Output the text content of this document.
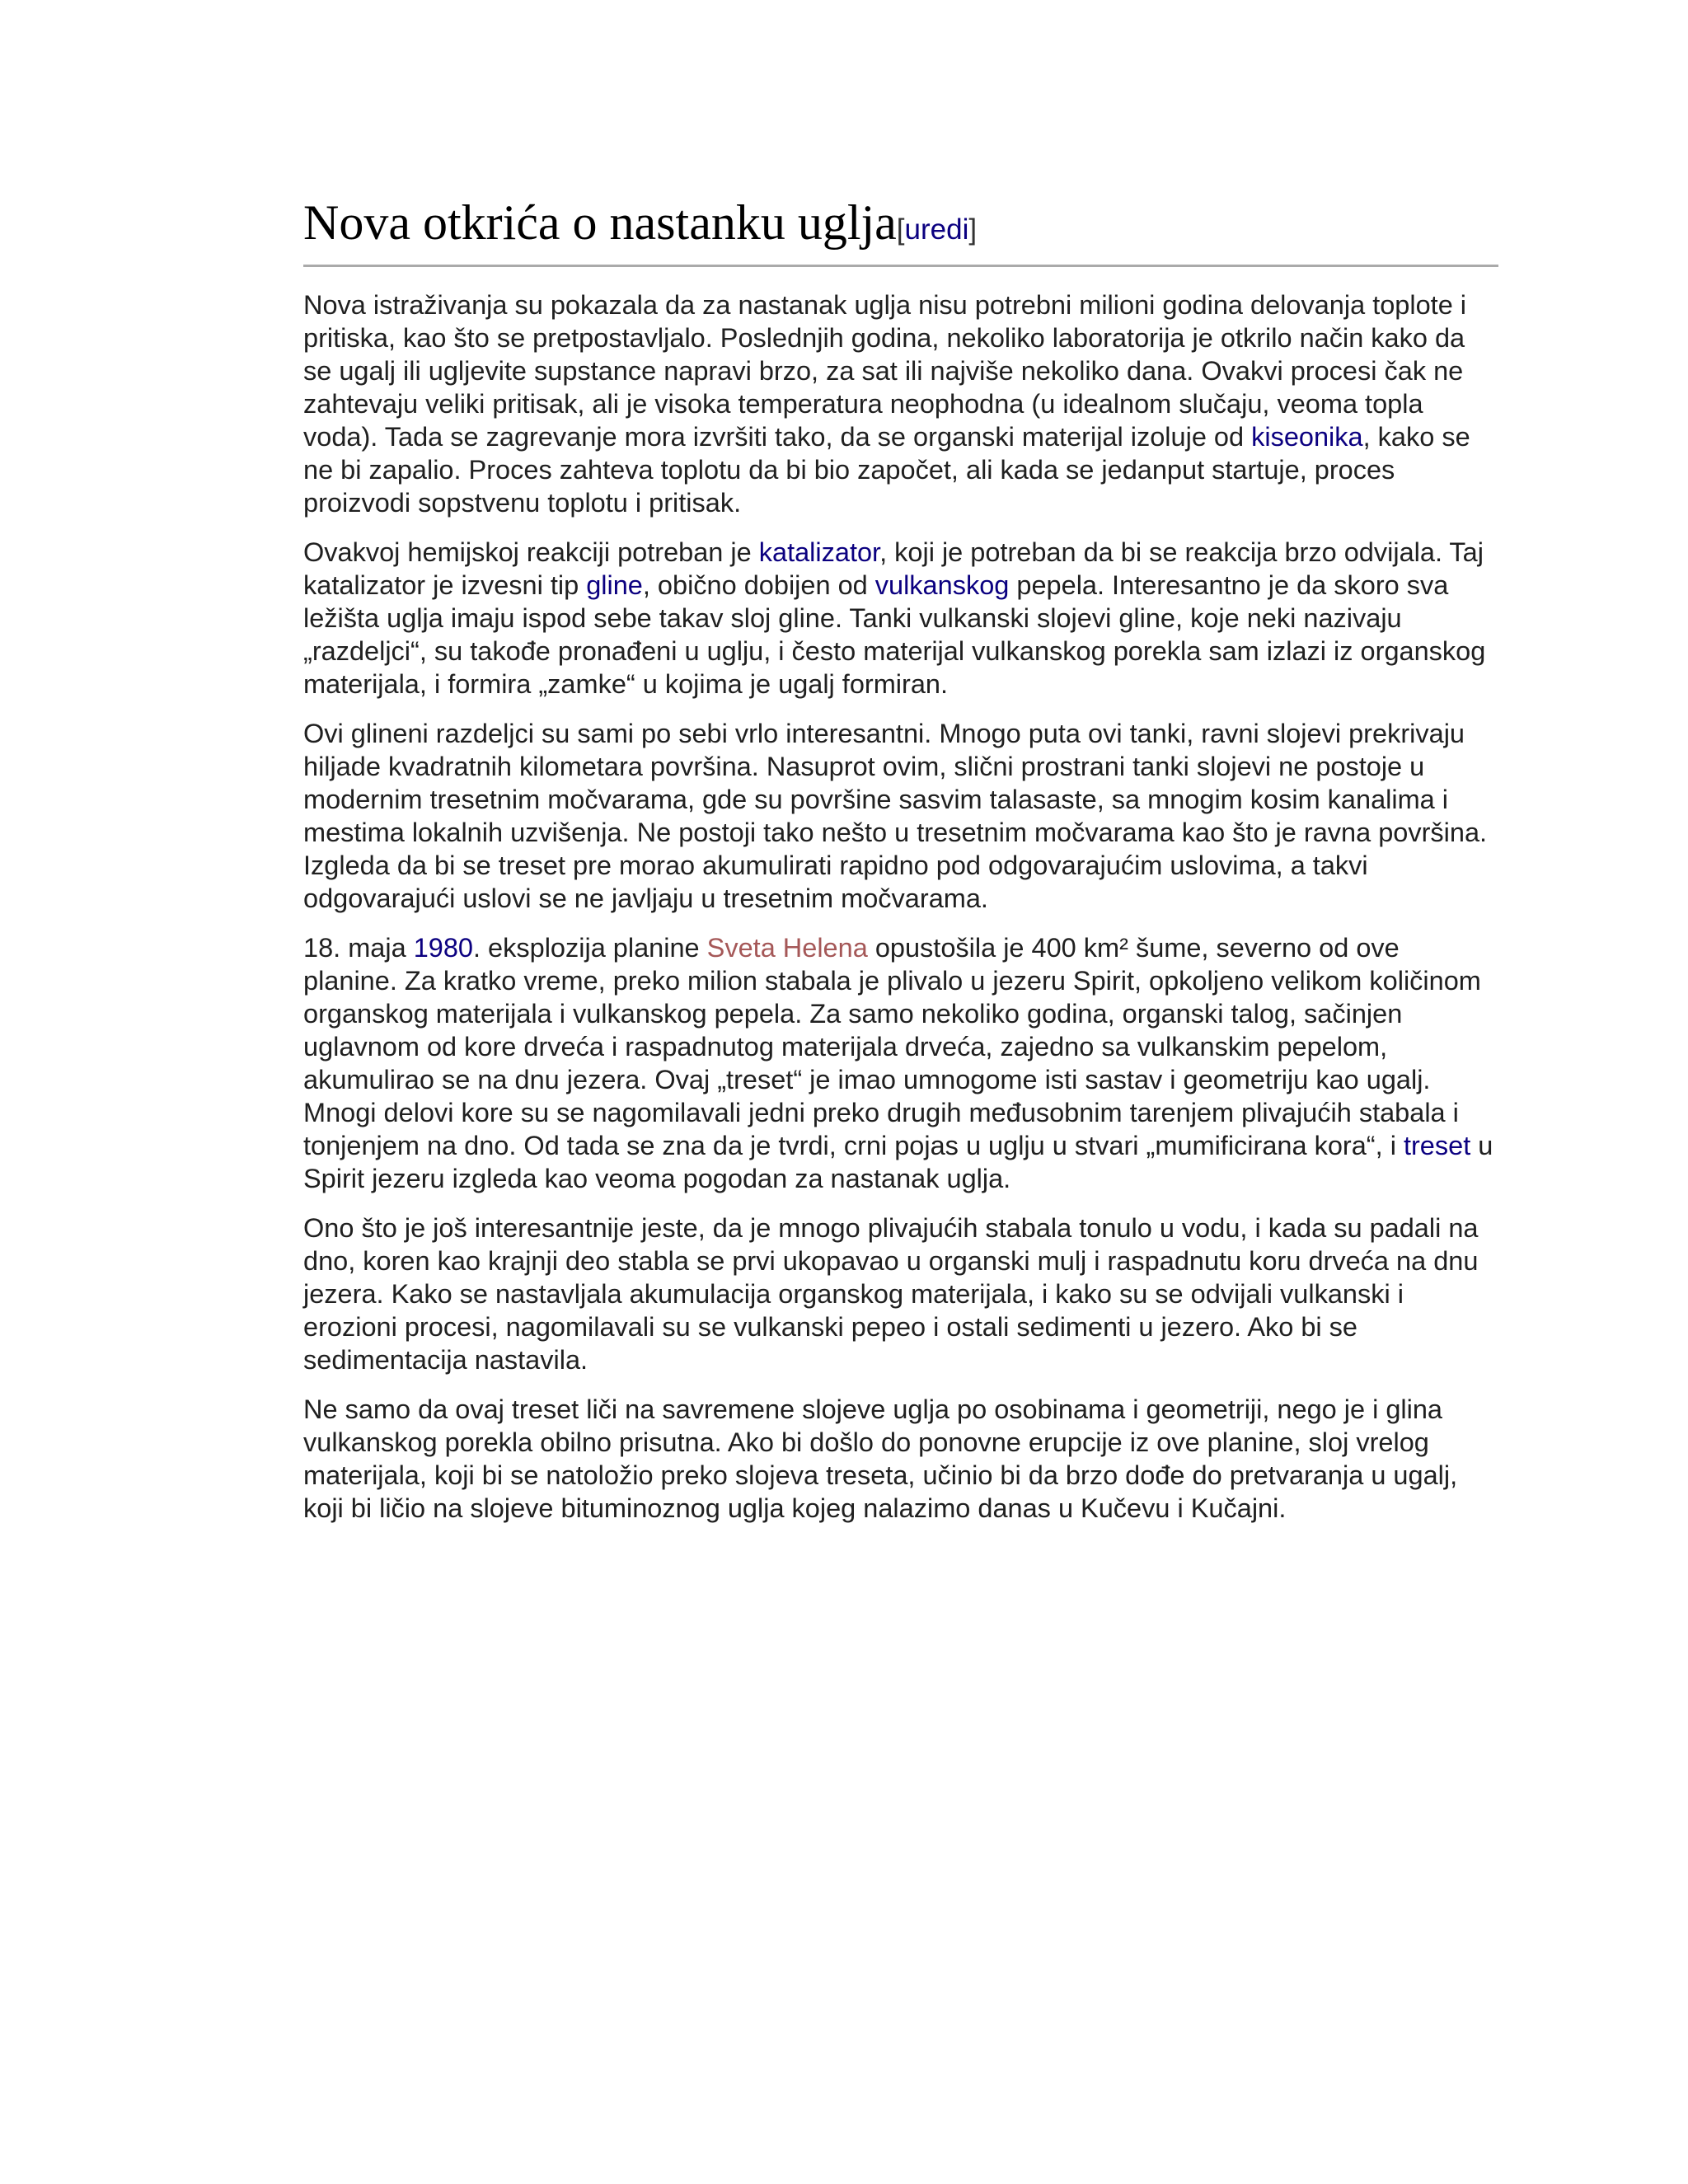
Nova otkrića o nastanku uglja[uredi]

Nova istraživanja su pokazala da za nastanak uglja nisu potrebni milioni godina delovanja toplote i pritiska, kao što se pretpostavljalo. Poslednjih godina, nekoliko laboratorija je otkrilo način kako da se ugalj ili ugljevite supstance napravi brzo, za sat ili najviše nekoliko dana. Ovakvi procesi čak ne zahtevaju veliki pritisak, ali je visoka temperatura neophodna (u idealnom slučaju, veoma topla voda). Tada se zagrevanje mora izvršiti tako, da se organski materijal izoluje od kiseonika, kako se ne bi zapalio. Proces zahteva toplotu da bi bio započet, ali kada se jedanput startuje, proces proizvodi sopstvenu toplotu i pritisak.

Ovakvoj hemijskoj reakciji potreban je katalizator, koji je potreban da bi se reakcija brzo odvijala. Taj katalizator je izvesni tip gline, obično dobijen od vulkanskog pepela. Interesantno je da skoro sva ležišta uglja imaju ispod sebe takav sloj gline. Tanki vulkanski slojevi gline, koje neki nazivaju „razdeljci“, su takođe pronađeni u uglju, i često materijal vulkanskog porekla sam izlazi iz organskog materijala, i formira „zamke“ u kojima je ugalj formiran.

Ovi glineni razdeljci su sami po sebi vrlo interesantni. Mnogo puta ovi tanki, ravni slojevi prekrivaju hiljade kvadratnih kilometara površina. Nasuprot ovim, slični prostrani tanki slojevi ne postoje u modernim tresetnim močvarama, gde su površine sasvim talasaste, sa mnogim kosim kanalima i mestima lokalnih uzvišenja. Ne postoji tako nešto u tresetnim močvarama kao što je ravna površina. Izgleda da bi se treset pre morao akumulirati rapidno pod odgovarajućim uslovima, a takvi odgovarajući uslovi se ne javljaju u tresetnim močvarama.

18. maja 1980. eksplozija planine Sveta Helena opustošila je 400 km² šume, severno od ove planine. Za kratko vreme, preko milion stabala je plivalo u jezeru Spirit, opkoljeno velikom količinom organskog materijala i vulkanskog pepela. Za samo nekoliko godina, organski talog, sačinjen uglavnom od kore drveća i raspadnutog materijala drveća, zajedno sa vulkanskim pepelom, akumulirao se na dnu jezera. Ovaj „treset“ je imao umnogome isti sastav i geometriju kao ugalj. Mnogi delovi kore su se nagomilavali jedni preko drugih međusobnim tarenjem plivajućih stabala i tonjenjem na dno. Od tada se zna da je tvrdi, crni pojas u uglju u stvari „mumificirana kora“, i treset u Spirit jezeru izgleda kao veoma pogodan za nastanak uglja.

Ono što je još interesantnije jeste, da je mnogo plivajućih stabala tonulo u vodu, i kada su padali na dno, koren kao krajnji deo stabla se prvi ukopavao u organski mulj i raspadnutu koru drveća na dnu jezera. Kako se nastavljala akumulacija organskog materijala, i kako su se odvijali vulkanski i erozioni procesi, nagomilavali su se vulkanski pepeo i ostali sedimenti u jezero. Ako bi se sedimentacija nastavila.

Ne samo da ovaj treset liči na savremene slojeve uglja po osobinama i geometriji, nego je i glina vulkanskog porekla obilno prisutna. Ako bi došlo do ponovne erupcije iz ove planine, sloj vrelog materijala, koji bi se natoložio preko slojeva treseta, učinio bi da brzo dođe do pretvaranja u ugalj, koji bi ličio na slojeve bituminoznog uglja kojeg nalazimo danas u Kučevu i Kučajni.
